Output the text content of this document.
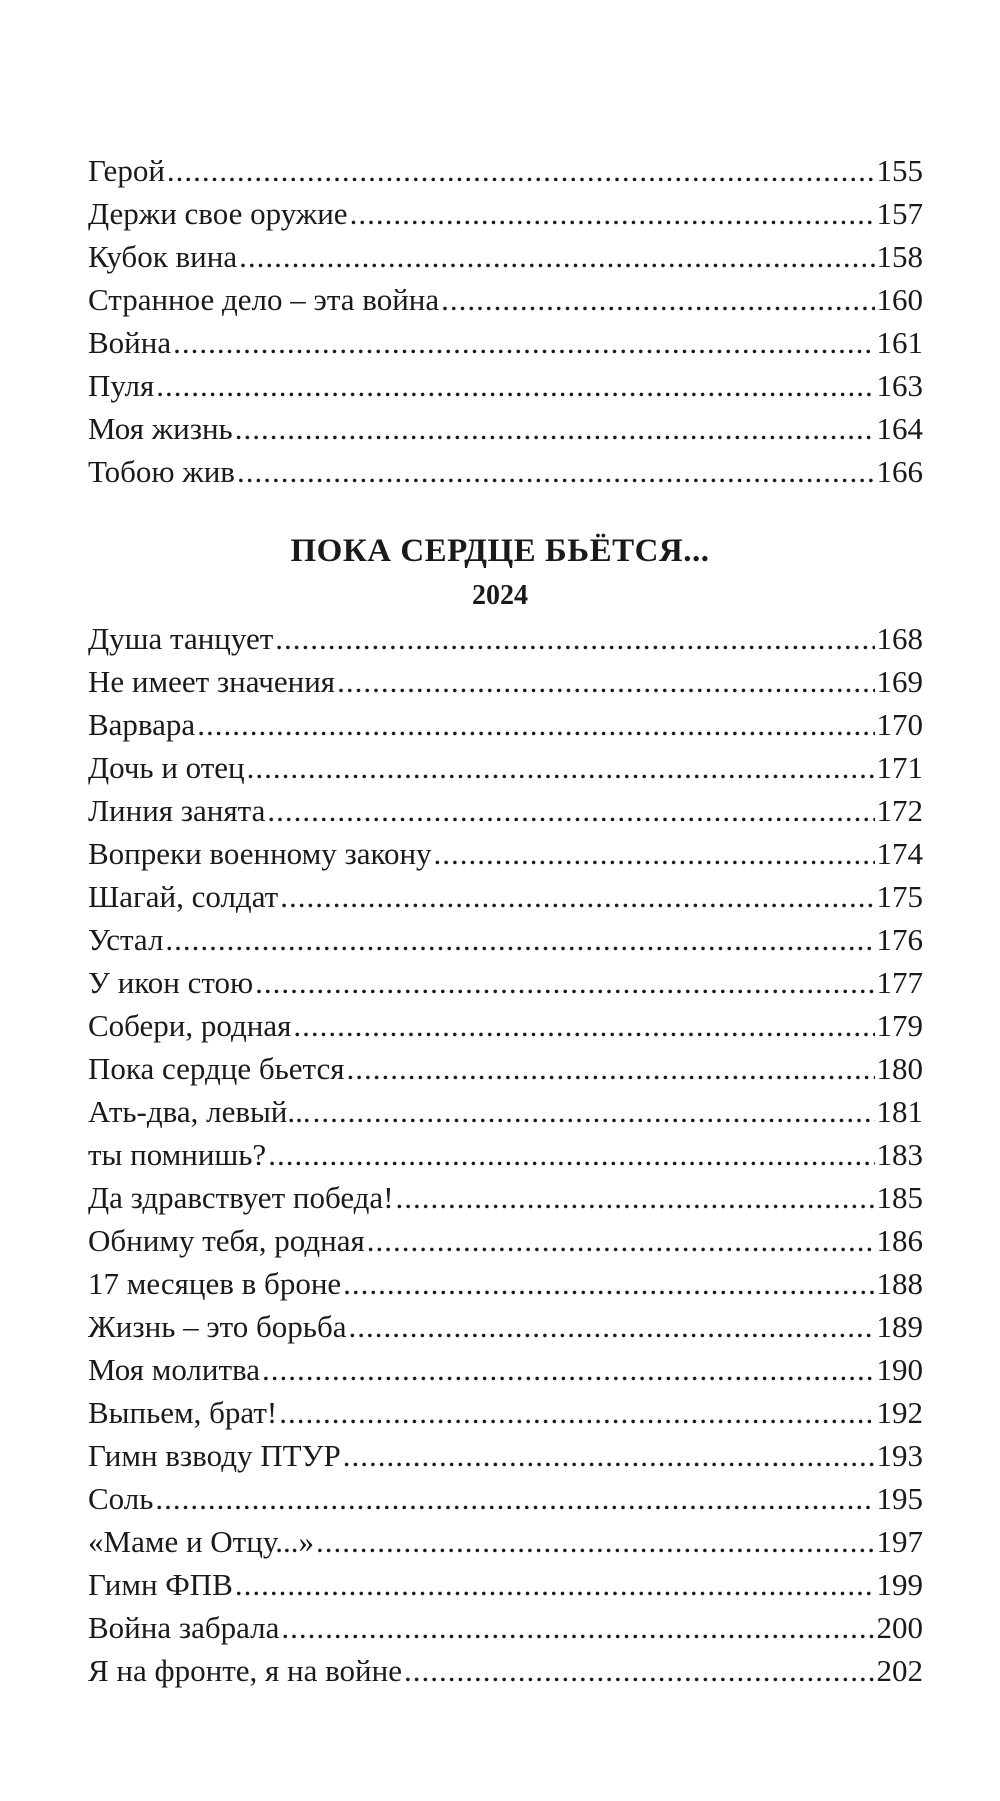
Герой .....	155
Держи свое оружие .....	157
Кубок вина .....	158
Странное дело – эта война .....	160
Война .....	161
Пуля .....	163
Моя жизнь .....	164
Тобою жив .....	166
ПОКА СЕРДЦЕ БЬЁТСЯ...
2024
Душа танцует .....	168
Не имеет значения .....	169
Варвара .....	170
Дочь и отец .....	171
Линия занята .....	172
Вопреки военному закону .....	174
Шагай, солдат .....	175
Устал .....	176
У икон стою .....	177
Собери, родная .....	179
Пока сердце бьется .....	180
Ать-два, левый... .....	181
ты помнишь? .....	183
Да здравствует победа! .....	185
Обниму тебя, родная .....	186
17 месяцев в броне .....	188
Жизнь – это борьба .....	189
Моя молитва .....	190
Выпьем, брат! .....	192
Гимн взводу ПТУР .....	193
Соль .....	195
«Маме и Отцу...» .....	197
Гимн ФПВ .....	199
Война забрала .....	200
Я на фронте, я на войне .....	202
